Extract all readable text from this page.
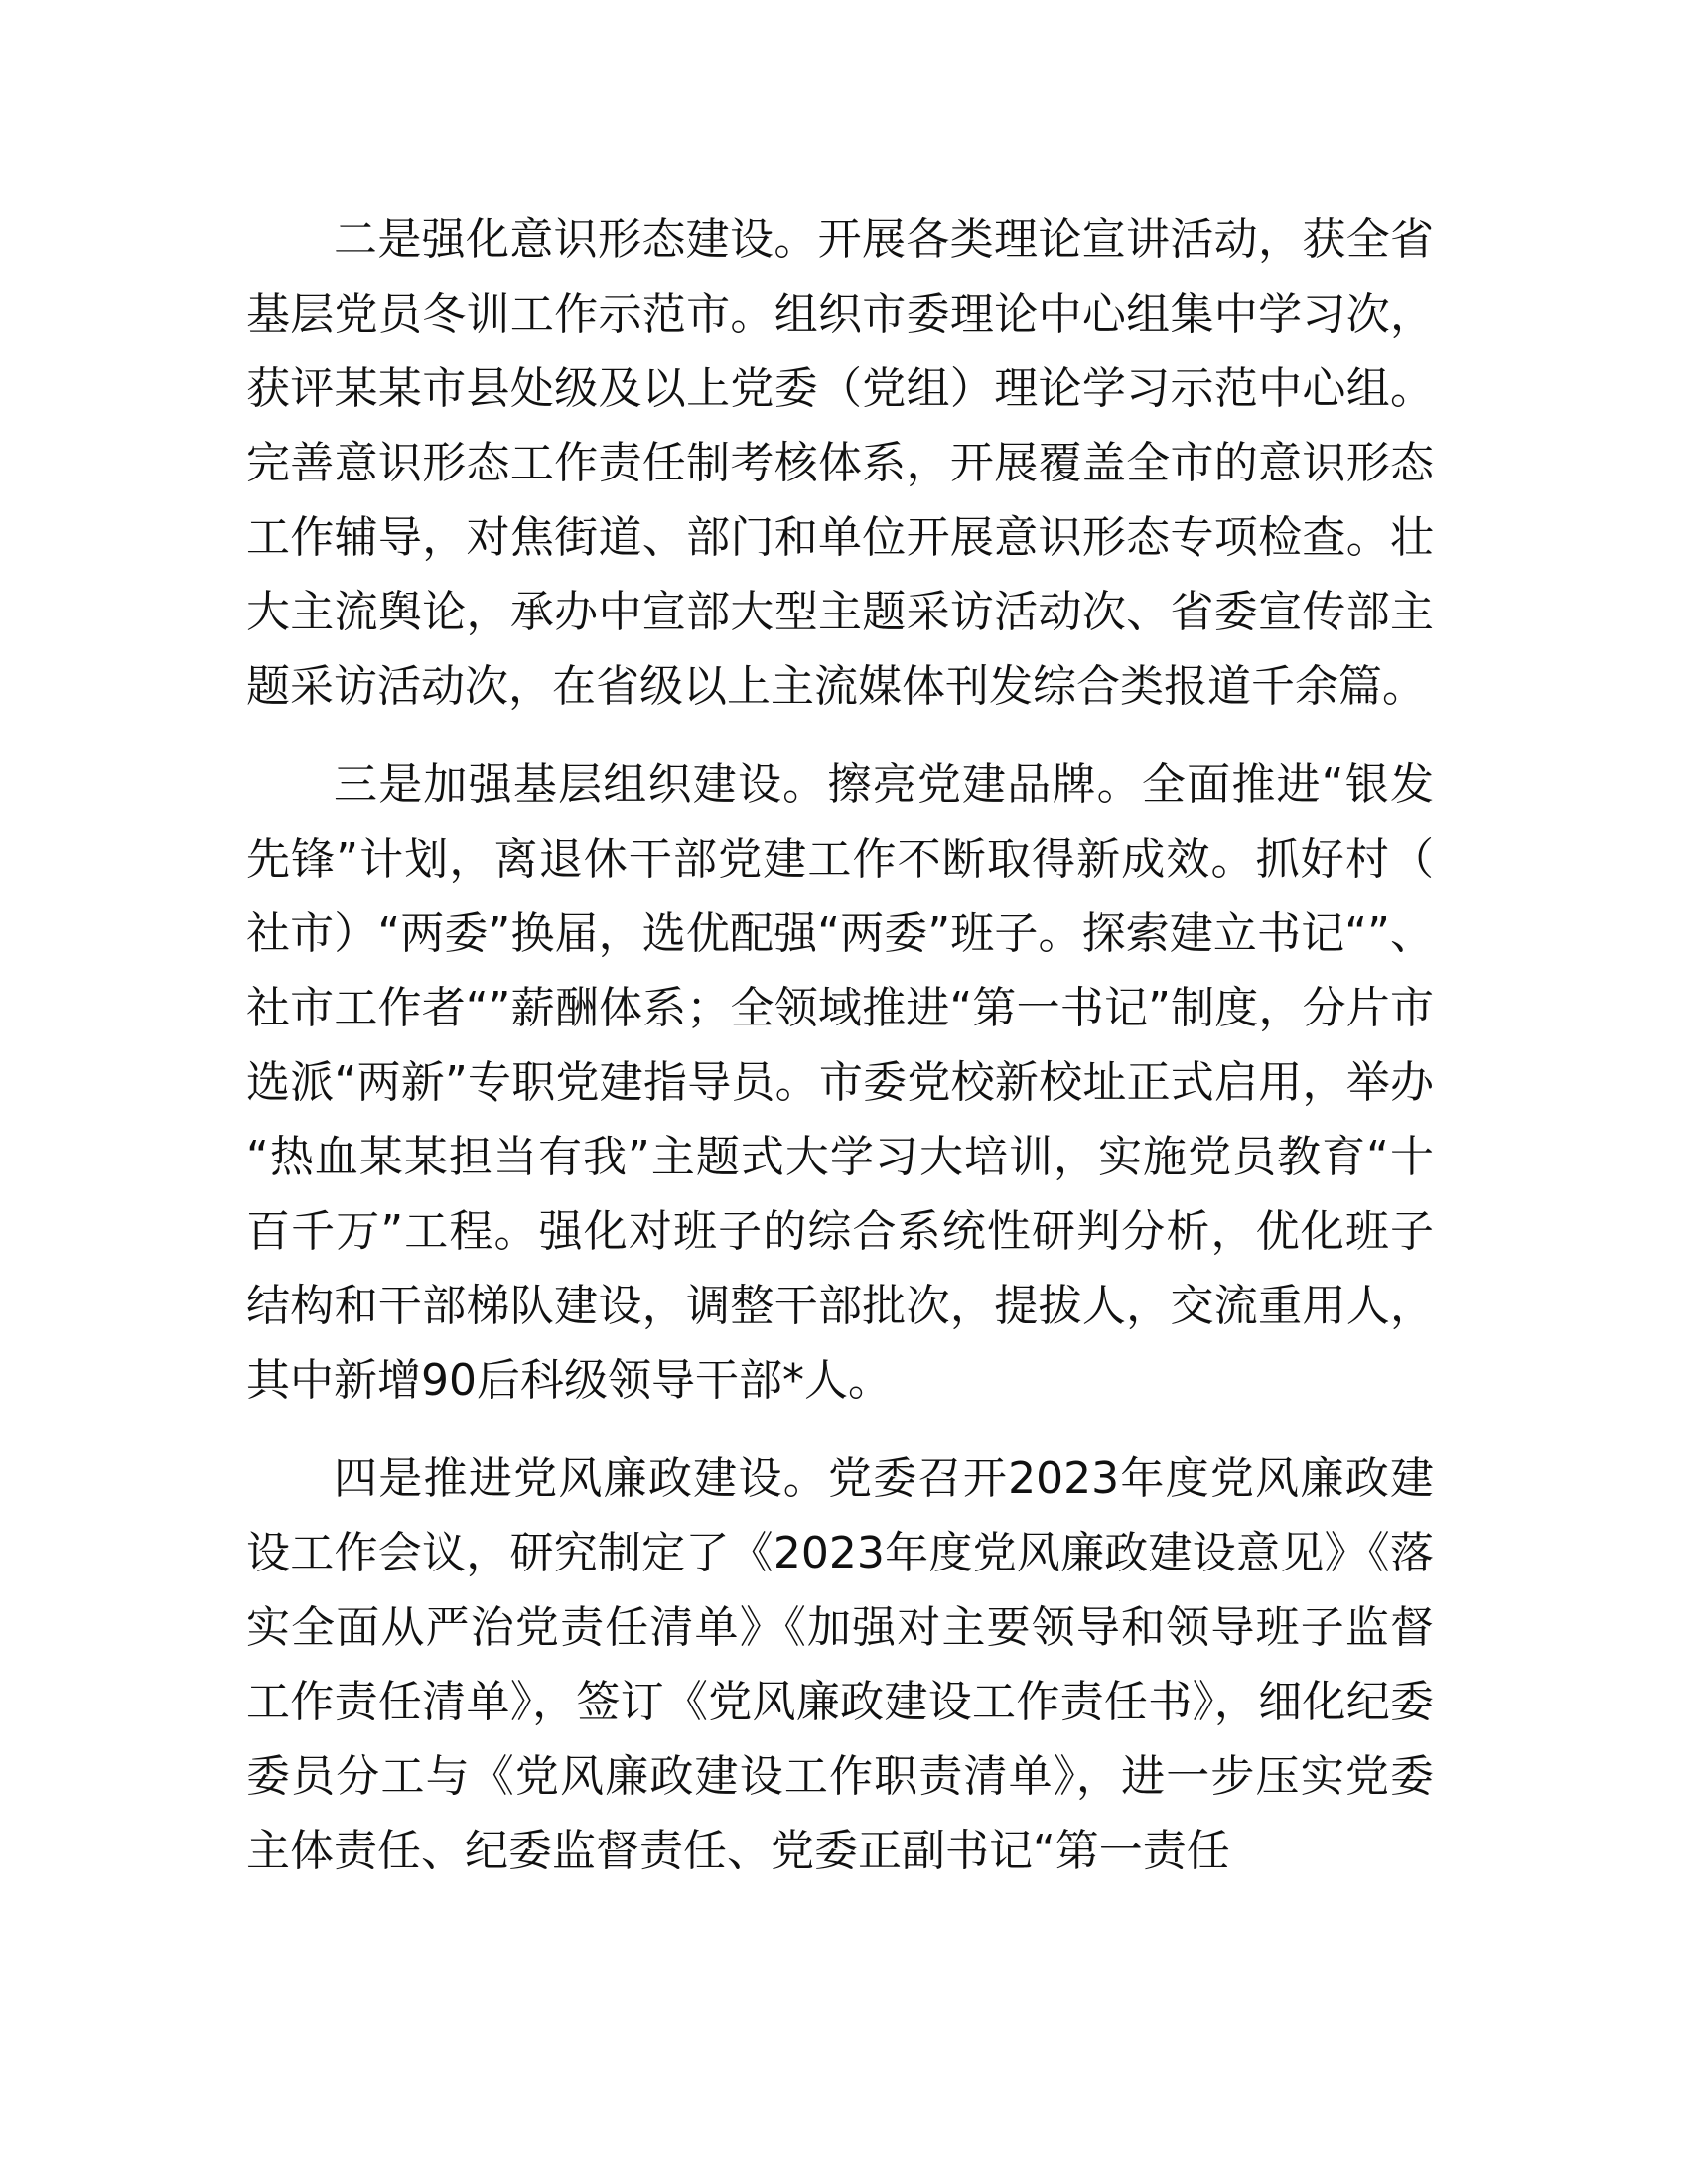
二是强化意识形态建设。开展各类理论宣讲活动，获全省基层党员冬训工作示范市。组织市委理论中心组集中学习次，获评某某市县处级及以上党委（党组）理论学习示范中心组。完善意识形态工作责任制考核体系，开展覆盖全市的意识形态工作辅导，对焦街道、部门和单位开展意识形态专项检查。壮大主流舆论，承办中宣部大型主题采访活动次、省委宣传部主题采访活动次，在省级以上主流媒体刊发综合类报道千余篇。

三是加强基层组织建设。擦亮党建品牌。全面推进“银发先锋”计划，离退休干部党建工作不断取得新成效。抓好村（社市）“两委”换届，选优配强“两委”班子。探索建立书记“”、社市工作者“”薪酬体系；全领域推进“第一书记”制度，分片市选派“两新”专职党建指导员。市委党校新校址正式启用，举办“热血某某担当有我”主题式大学习大培训，实施党员教育“十百千万”工程。强化对班子的综合系统性研判分析，优化班子结构和干部梯队建设，调整干部批次，提拔人，交流重用人，其中新增90后科级领导干部*人。

四是推进党风廉政建设。党委召开2023年度党风廉政建设工作会议，研究制定了《2023年度党风廉政建设意见》《落实全面从严治党责任清单》《加强对主要领导和领导班子监督工作责任清单》，签订《党风廉政建设工作责任书》，细化纪委委员分工与《党风廉政建设工作职责清单》，进一步压实党委主体责任、纪委监督责任、党委正副书记“第一责任
